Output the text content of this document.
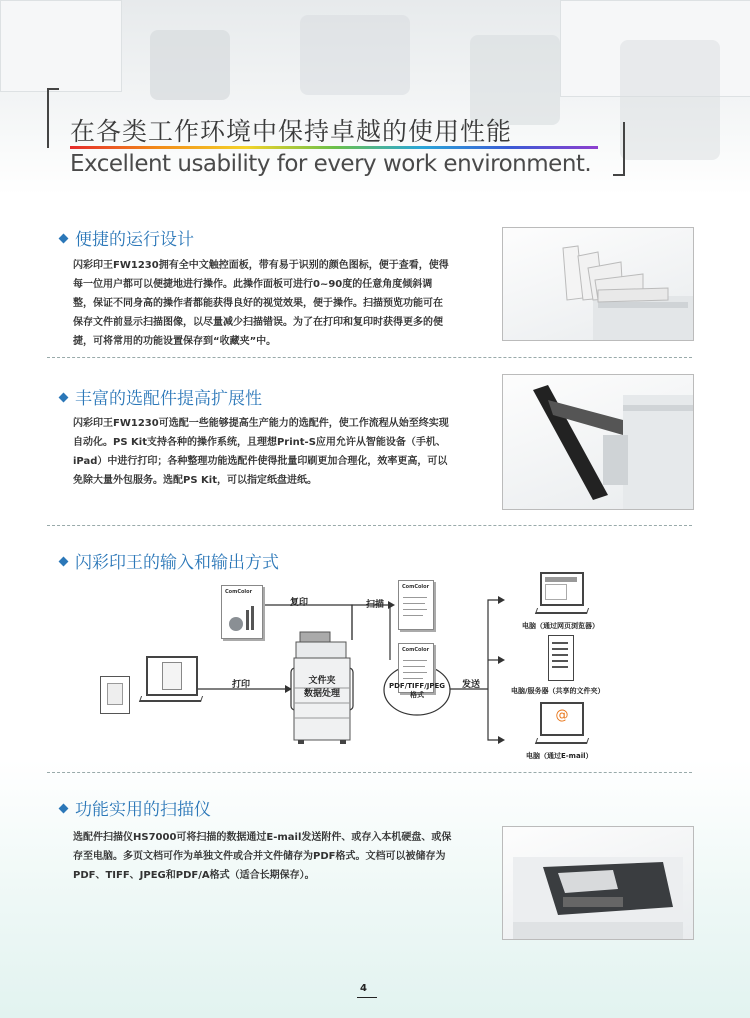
在各类工作环境中保持卓越的使用性能
Excellent usability for every work environment.
便捷的运行设计
闪彩印王FW1230拥有全中文触控面板，带有易于识别的颜色图标，便于查看，使得
每一位用户都可以便捷地进行操作。此操作面板可进行0~90度的任意角度倾斜调
整，保证不同身高的操作者都能获得良好的视觉效果，便于操作。扫描预览功能可在
保存文件前显示扫描图像，以尽量减少扫描错误。为了在打印和复印时获得更多的便
捷，可将常用的功能设置保存到“收藏夹”中。
丰富的选配件提高扩展性
闪彩印王FW1230可选配一些能够提高生产能力的选配件，使工作流程从始至终实现
自动化。PS Kit支持各种的操作系统，且理想Print-S应用允许从智能设备（手机、
iPad）中进行打印；各种整理功能选配件使得批量印刷更加合理化，效率更高，可以
免除大量外包服务。选配PS Kit，可以指定纸盘进纸。
闪彩印王的输入和输出方式
ComColor
复印	扫描
ComColor
ComColor
打印	文件夹
数据处理
PDF/TIFF/JPEG
格式
发送
电脑（通过网页浏览器）
电脑/服务器（共享的文件夹）
@
电脑（通过E-mail）
功能实用的扫描仪
选配件扫描仪HS7000可将扫描的数据通过E-mail发送附件、或存入本机硬盘、或保
存至电脑。多页文档可作为单独文件或合并文件储存为PDF格式。文档可以被储存为
PDF、TIFF、JPEG和PDF/A格式（适合长期保存）。
4
